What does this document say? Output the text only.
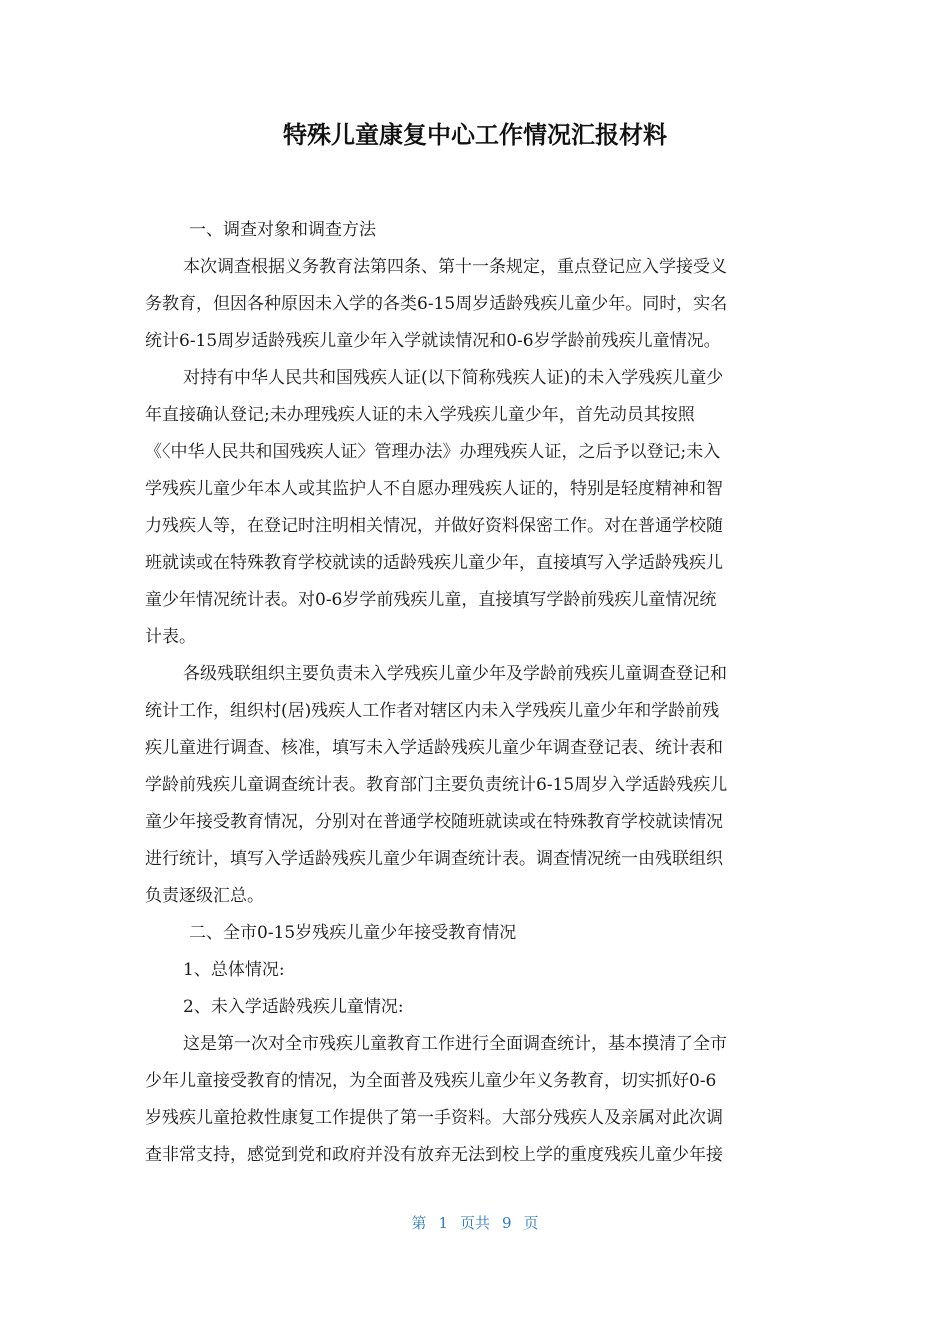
特殊儿童康复中心工作情况汇报材料
一、调查对象和调查方法
本次调查根据义务教育法第四条、第十一条规定，重点登记应入学接受义
务教育，但因各种原因未入学的各类6-15周岁适龄残疾儿童少年。同时，实名
统计6-15周岁适龄残疾儿童少年入学就读情况和0-6岁学龄前残疾儿童情况。
对持有中华人民共和国残疾人证(以下简称残疾人证)的未入学残疾儿童少
年直接确认登记;未办理残疾人证的未入学残疾儿童少年，首先动员其按照
《〈中华人民共和国残疾人证〉管理办法》办理残疾人证，之后予以登记;未入
学残疾儿童少年本人或其监护人不自愿办理残疾人证的，特别是轻度精神和智
力残疾人等，在登记时注明相关情况，并做好资料保密工作。对在普通学校随
班就读或在特殊教育学校就读的适龄残疾儿童少年，直接填写入学适龄残疾儿
童少年情况统计表。对0-6岁学前残疾儿童，直接填写学龄前残疾儿童情况统
计表。
各级残联组织主要负责未入学残疾儿童少年及学龄前残疾儿童调查登记和
统计工作，组织村(居)残疾人工作者对辖区内未入学残疾儿童少年和学龄前残
疾儿童进行调查、核准，填写未入学适龄残疾儿童少年调查登记表、统计表和
学龄前残疾儿童调查统计表。教育部门主要负责统计6-15周岁入学适龄残疾儿
童少年接受教育情况，分别对在普通学校随班就读或在特殊教育学校就读情况
进行统计，填写入学适龄残疾儿童少年调查统计表。调查情况统一由残联组织
负责逐级汇总。
二、全市0-15岁残疾儿童少年接受教育情况
1、总体情况:
2、未入学适龄残疾儿童情况:
这是第一次对全市残疾儿童教育工作进行全面调查统计，基本摸清了全市
少年儿童接受教育的情况，为全面普及残疾儿童少年义务教育，切实抓好0-6
岁残疾儿童抢救性康复工作提供了第一手资料。大部分残疾人及亲属对此次调
查非常支持，感觉到党和政府并没有放弃无法到校上学的重度残疾儿童少年接
第 1 页共 9 页
